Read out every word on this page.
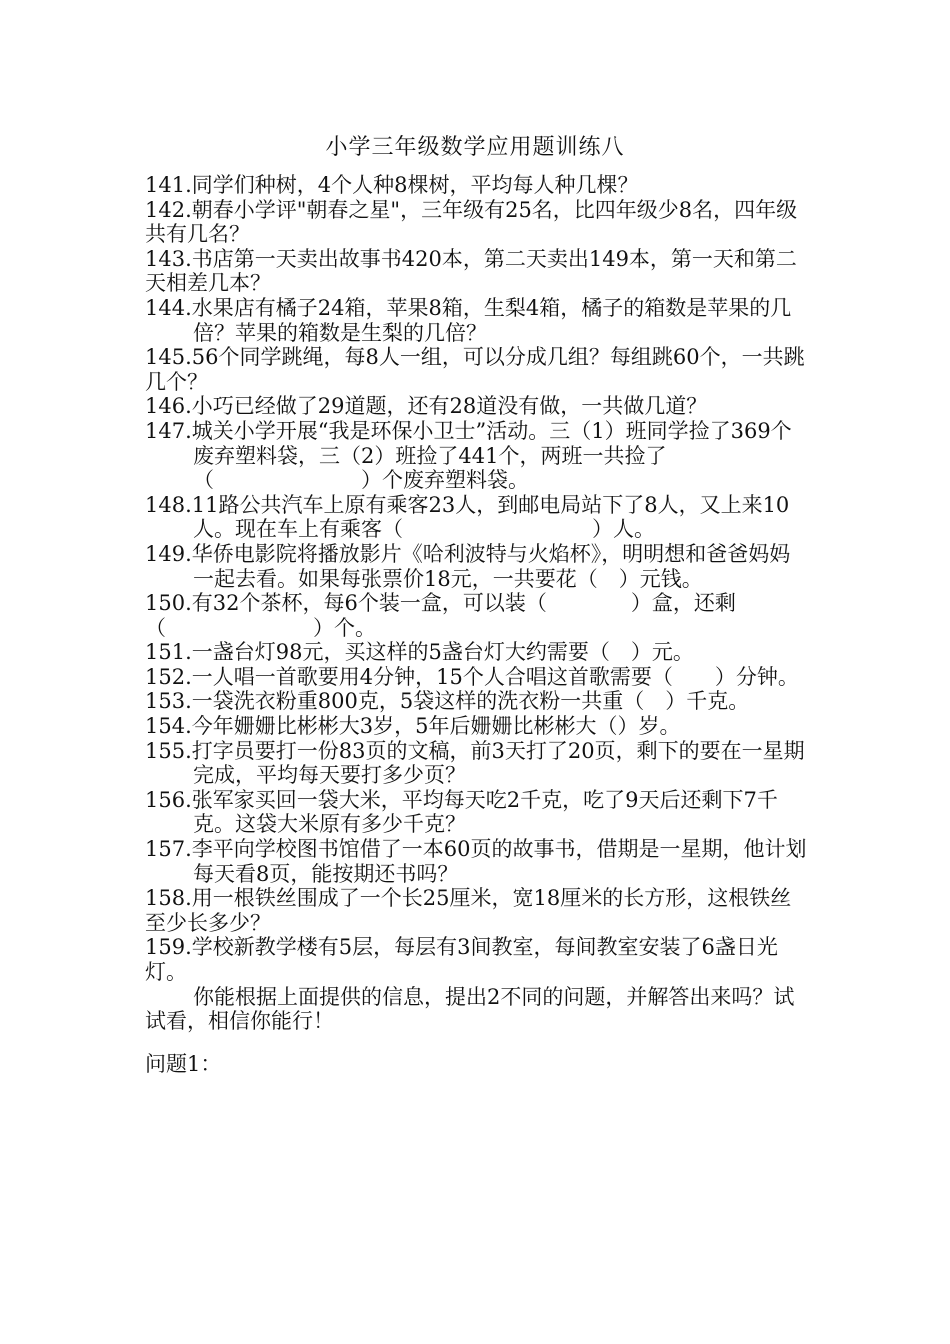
小学三年级数学应用题训练八

141.同学们种树，4个人种8棵树，平均每人种几棵？

142.朝春小学评"朝春之星"，三年级有25名，比四年级少8名，四年级共有几名？

143.书店第一天卖出故事书420本，第二天卖出149本，第一天和第二天相差几本？

144.水果店有橘子24箱，苹果8箱，生梨4箱，橘子的箱数是苹果的几倍？苹果的箱数是生梨的几倍？

145.56个同学跳绳，每8人一组，可以分成几组？每组跳60个，一共跳几个？

146.小巧已经做了29道题，还有28道没有做，一共做几道？

147.城关小学开展“我是环保小卫士”活动。三（1）班同学捡了369个废弃塑料袋，三（2）班捡了441个，两班一共捡了（　　　　　　　）个废弃塑料袋。

148.11路公共汽车上原有乘客23人，到邮电局站下了8人，又上来10人。现在车上有乘客（　　　　　　　　　）人。

149.华侨电影院将播放影片《哈利波特与火焰杯》，明明想和爸爸妈妈一起去看。如果每张票价18元，一共要花（　）元钱。

150.有32个茶杯，每6个装一盒，可以装（　　　　）盒，还剩（　　　　　　　）个。

151.一盏台灯98元，买这样的5盏台灯大约需要（　）元。

152.一人唱一首歌要用4分钟，15个人合唱这首歌需要（　　）分钟。

153.一袋洗衣粉重800克，5袋这样的洗衣粉一共重（　）千克。

154.今年姗姗比彬彬大3岁，5年后姗姗比彬彬大（）岁。

155.打字员要打一份83页的文稿，前3天打了20页，剩下的要在一星期完成，平均每天要打多少页？

156.张军家买回一袋大米，平均每天吃2千克，吃了9天后还剩下7千克。这袋大米原有多少千克？

157.李平向学校图书馆借了一本60页的故事书，借期是一星期，他计划每天看8页，能按期还书吗？

158.用一根铁丝围成了一个长25厘米，宽18厘米的长方形，这根铁丝至少长多少？

159.学校新教学楼有5层，每层有3间教室，每间教室安装了6盏日光灯。

你能根据上面提供的信息，提出2不同的问题，并解答出来吗？试试看，相信你能行！

问题1：
